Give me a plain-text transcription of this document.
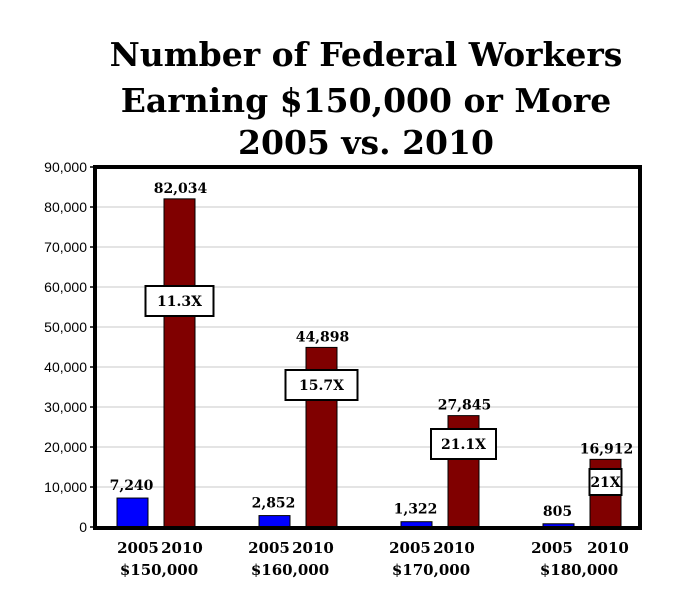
Number of Federal Workers
Earning $150,000 or More
2005 vs. 2010
0
10,000
20,000
30,000
40,000
50,000
60,000
70,000
80,000
90,000
7,240
82,034
11.3X
2,852
44,898
15.7X
1,322
27,845
21.1X
805
16,912
21X
2005 2010
$150,000
2005 2010
$160,000
2005 2010
$170,000
2005 2010
$180,000
